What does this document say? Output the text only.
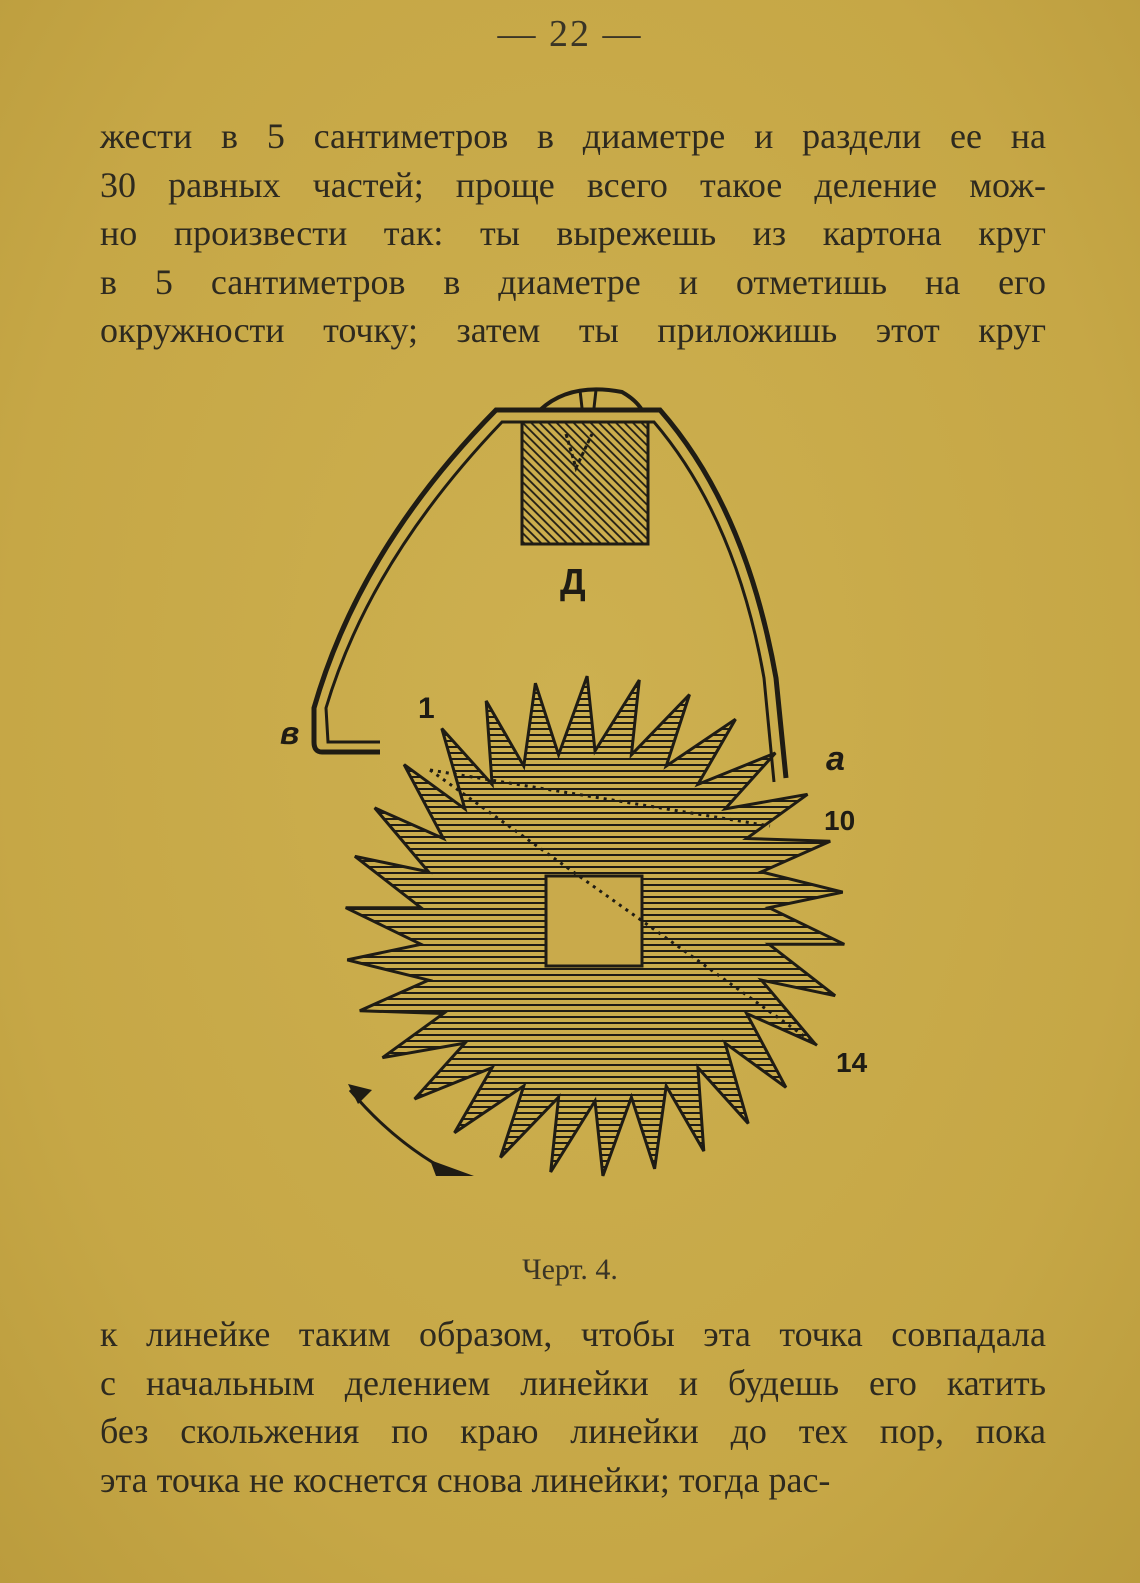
— 22 —
жести в 5 сантиметров в диаметре и раздели ее на
30 равных частей; проще всего такое деление мож-
но произвести так: ты вырежешь из картона круг
в 5 сантиметров в диаметре и отметишь на его
окружности точку; затем ты приложишь этот круг
Д
в
1
а
10
14
Черт. 4.
к линейке таким образом, чтобы эта точка совпадала
с начальным делением линейки и будешь его катить
без скольжения по краю линейки до тех пор, пока
эта точка не коснется снова линейки; тогда рас-
